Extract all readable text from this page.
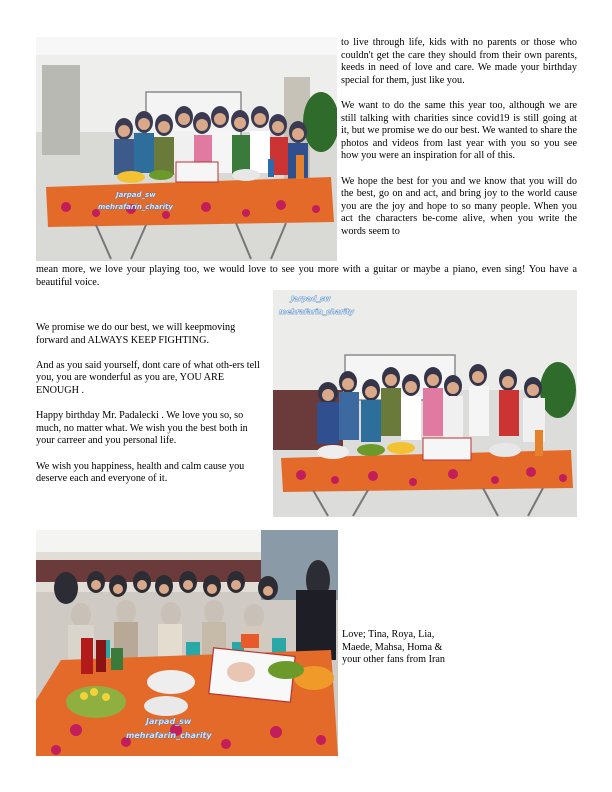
Jarpad_sw
mehrafarin_charity

to live through life, kids with no parents or those who couldn't get the care they should from their own parents, keeds in need of love and care. We made your birthday special for them, just like you.

We want to do the same this year too, although we are still talking with charities since covid19 is still going at it, but we promise we do our best. We wanted to share the photos and videos from last year with you so you see how you were an inspiration for all of this.

We hope the best for you and we know that you will do the best, go on and act, and bring joy to the world cause you are the joy and hope to so many people. When you act the characters be-come alive, when you write the words seem to

mean more, we love your playing too, we would love to see you more with a guitar or maybe a piano, even sing! You have a beautiful voice.
Jarpad_sw
mehrafarin_charity

We promise we do our best, we will keepmoving forward and ALWAYS KEEP FIGHTING.

And as you said yourself, dont care of what oth-ers tell you, you are wonderful as you are, YOU ARE ENOUGH .

Happy birthday Mr. Padalecki . We love you so, so much, no matter what. We wish you the best both in your carreer and you personal life.

We wish you happiness, health and calm cause you deserve each and everyone of it.

Jarpad_sw
mehrafarin_charity
Love; Tina, Roya, Lia,
Maede, Mahsa, Homa &
your other fans from Iran
